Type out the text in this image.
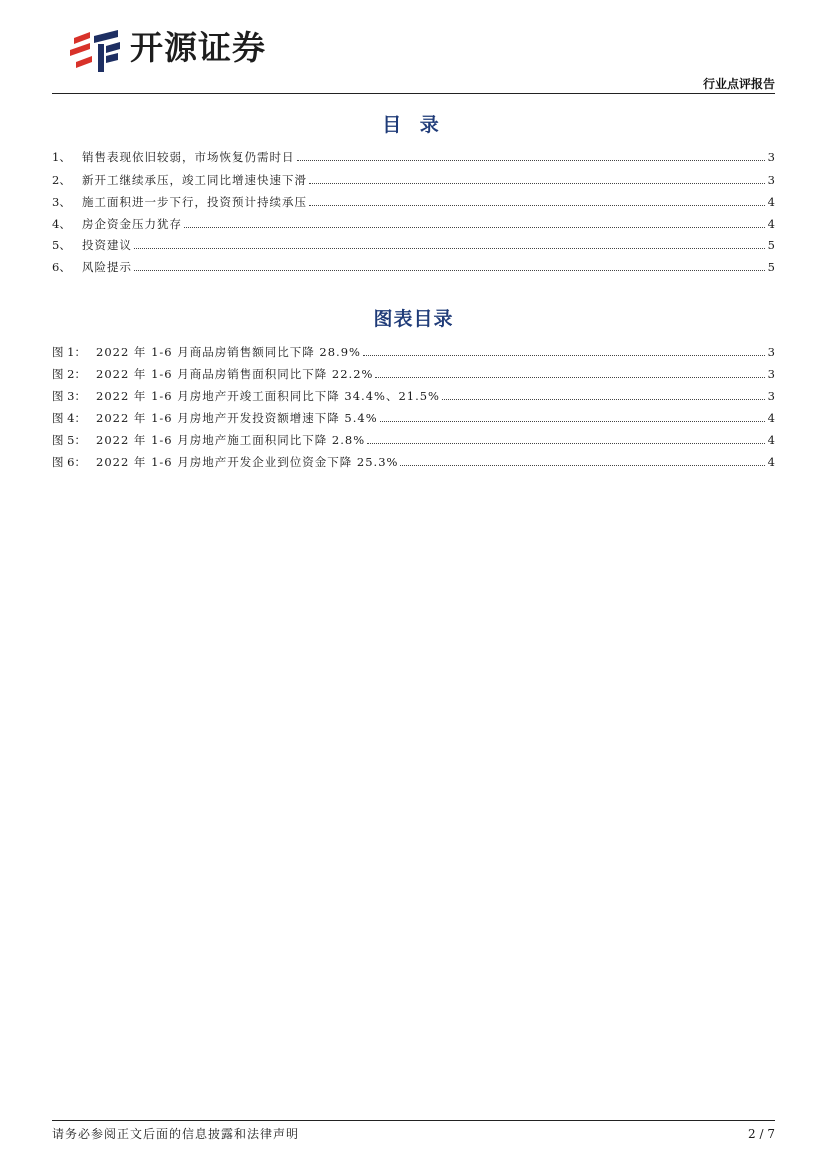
开源证券
行业点评报告
目 录
1、 销售表现依旧较弱，市场恢复仍需时日	3
2、 新开工继续承压，竣工同比增速快速下滑	3
3、 施工面积进一步下行，投资预计持续承压	4
4、 房企资金压力犹存	4
5、 投资建议	5
6、 风险提示	5
图表目录
图 1： 2022 年 1-6 月商品房销售额同比下降 28.9%	3
图 2： 2022 年 1-6 月商品房销售面积同比下降 22.2%	3
图 3： 2022 年 1-6 月房地产开竣工面积同比下降 34.4%、21.5%	3
图 4： 2022 年 1-6 月房地产开发投资额增速下降 5.4%	4
图 5： 2022 年 1-6 月房地产施工面积同比下降 2.8%	4
图 6： 2022 年 1-6 月房地产开发企业到位资金下降 25.3%	4
请务必参阅正文后面的信息披露和法律声明	2 / 7
